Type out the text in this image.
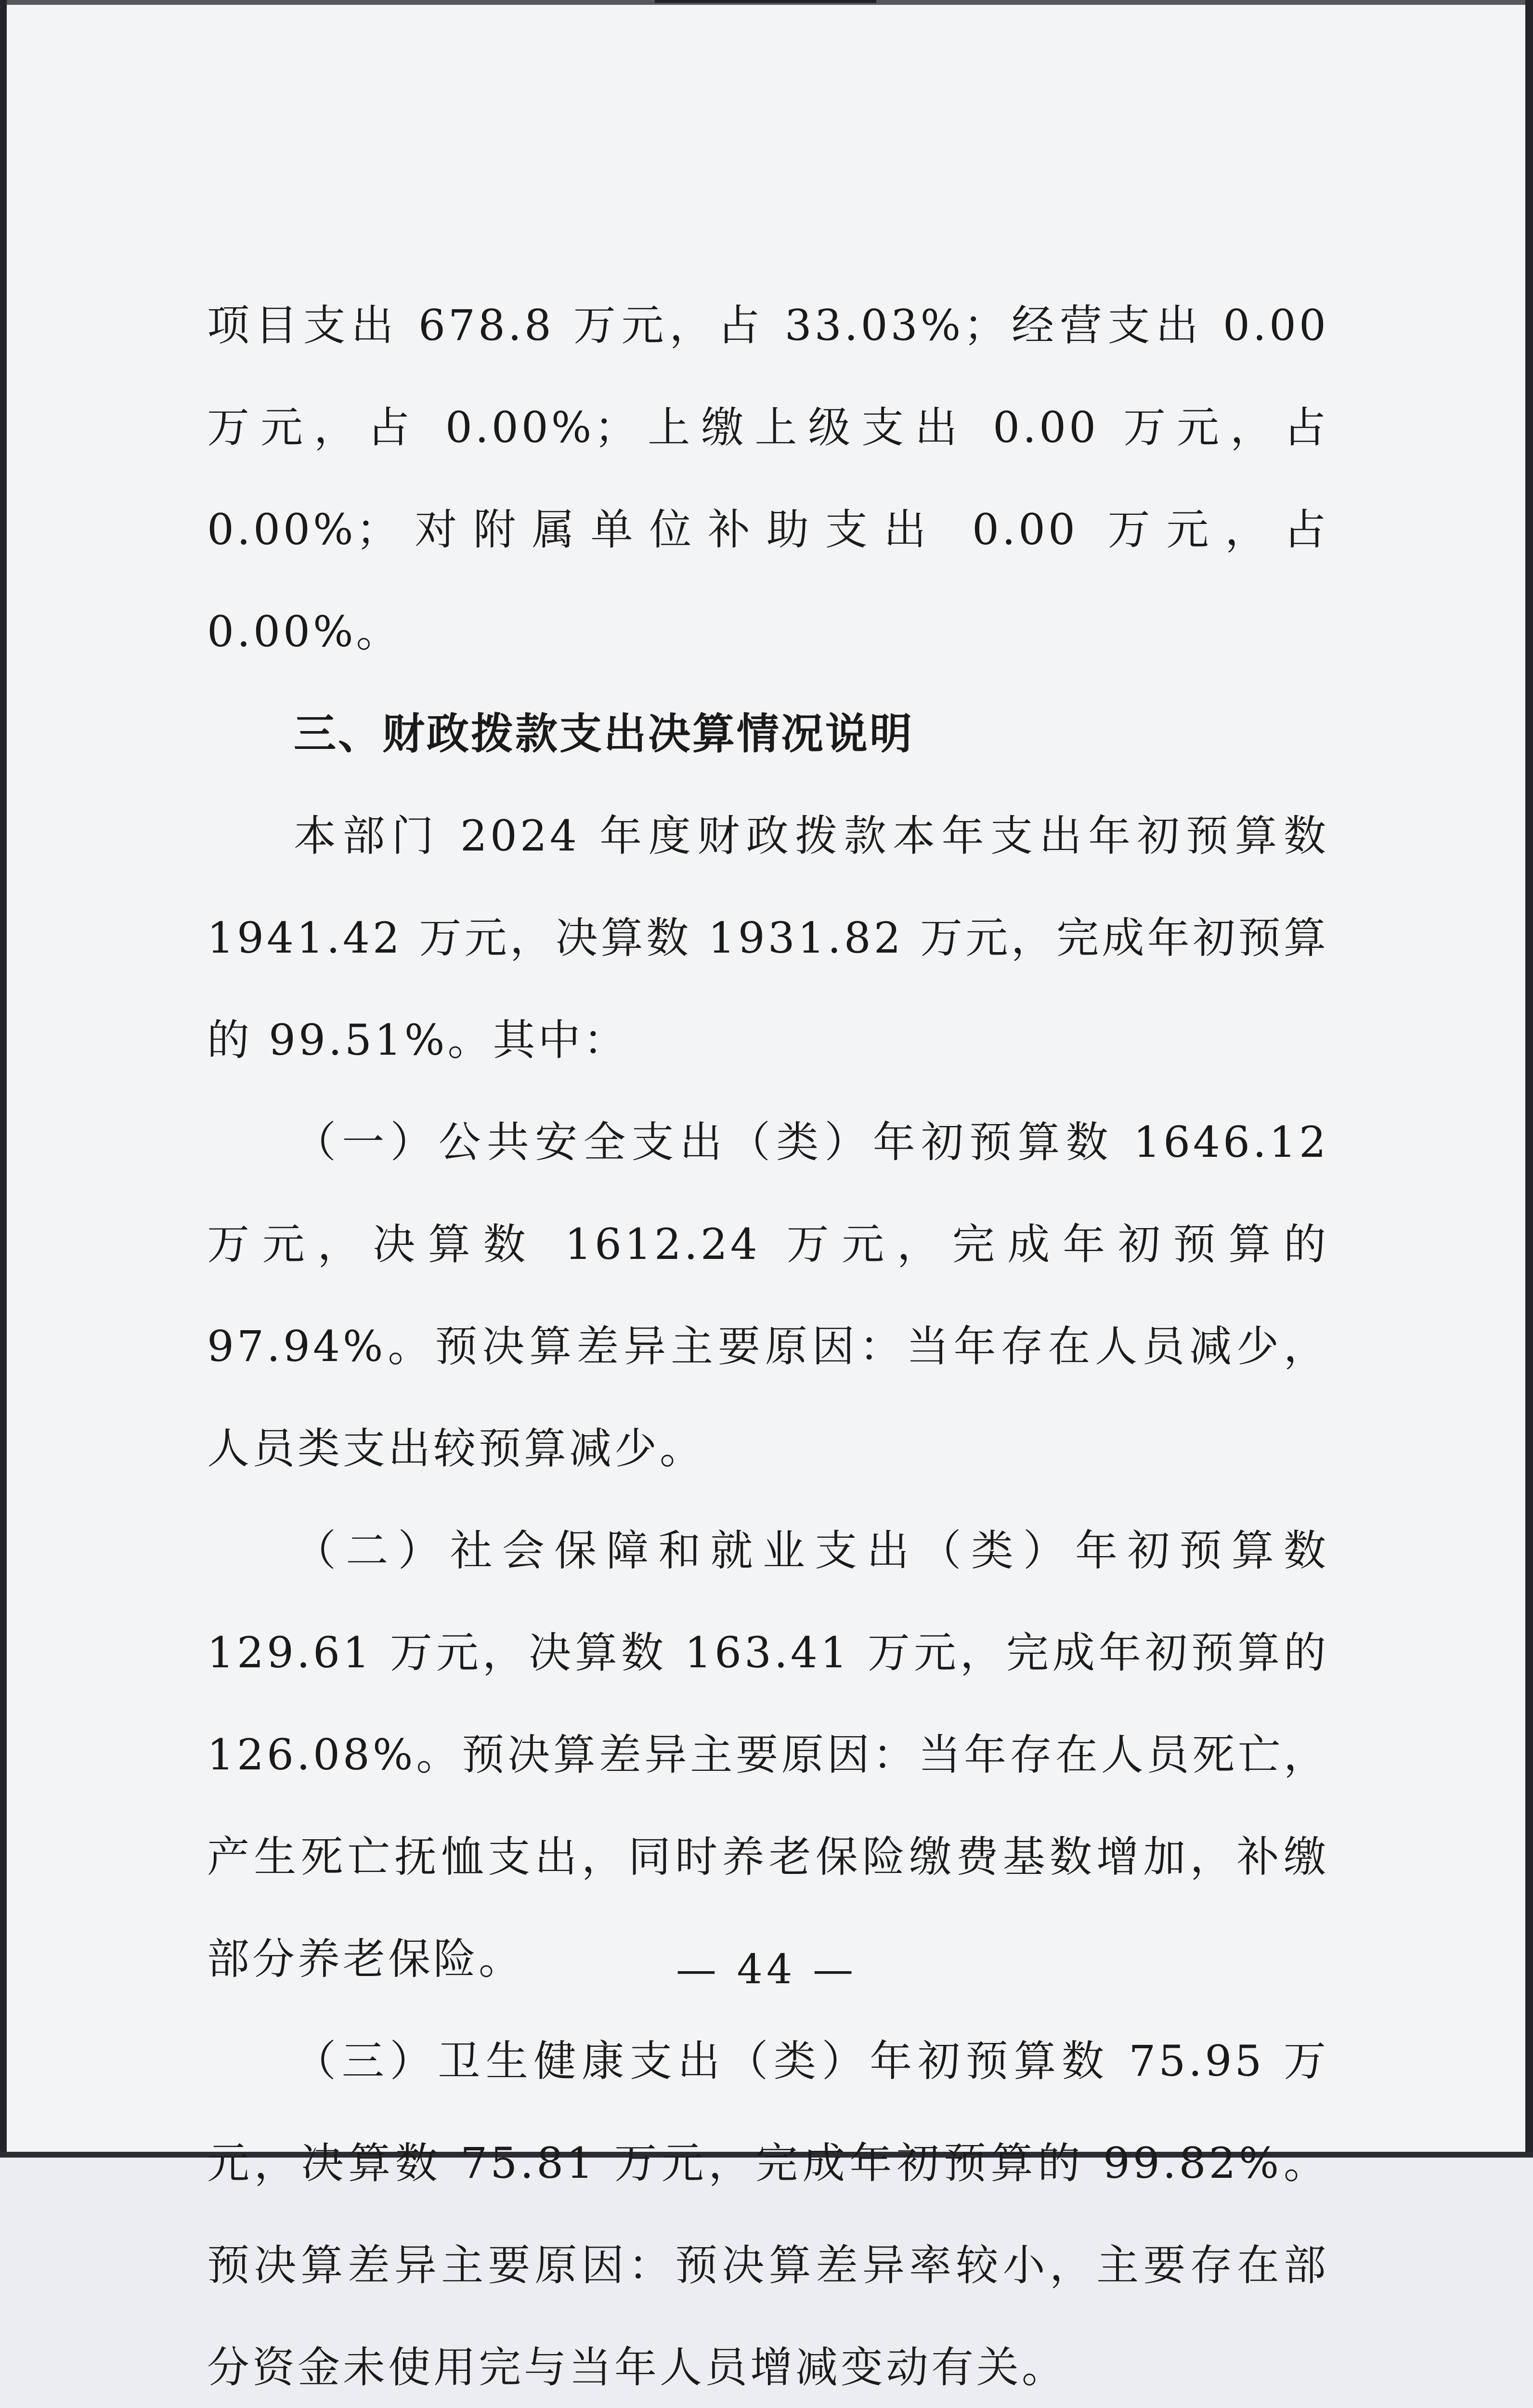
项目支出 678.8 万元，占 33.03%；经营支出 0.00 万元，占 0.00%；上缴上级支出 0.00 万元，占 0.00%；对附属单位补助支出 0.00 万元，占 0.00%。

三、财政拨款支出决算情况说明

本部门 2024 年度财政拨款本年支出年初预算数 1941.42 万元，决算数 1931.82 万元，完成年初预算的 99.51%。其中：

（一）公共安全支出（类）年初预算数 1646.12 万元，决算数 1612.24 万元，完成年初预算的 97.94%。预决算差异主要原因：当年存在人员减少，人员类支出较预算减少。

（二）社会保障和就业支出（类）年初预算数 129.61 万元，决算数 163.41 万元，完成年初预算的 126.08%。预决算差异主要原因：当年存在人员死亡，产生死亡抚恤支出，同时养老保险缴费基数增加，补缴部分养老保险。

（三）卫生健康支出（类）年初预算数 75.95 万元，决算数 75.81 万元，完成年初预算的 99.82%。预决算差异主要原因：预决算差异率较小，主要存在部分资金未使用完与当年人员增减变动有关。

— 44 —
